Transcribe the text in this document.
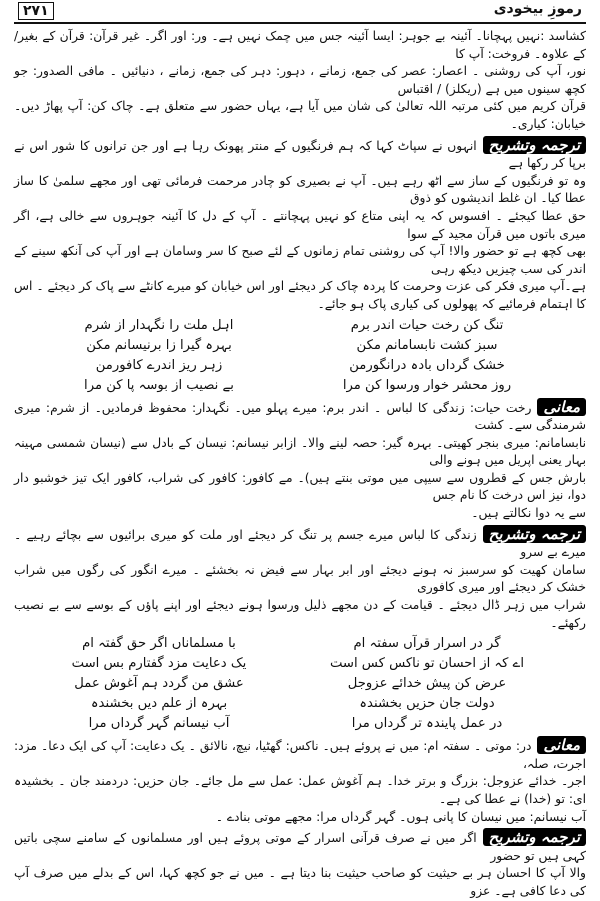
۲۷۱	رموزِ بیخودی

کشاسد :نہیں پہچانا۔ آئینہ بے جوہر: ایسا آئینہ جس میں چمک نہیں ہے۔ ور: اور اگر۔ غیر قرآن: قرآن کے بغیر/کے علاوہ۔ فروخت: آپ کا

نور، آپ کی روشنی ۔ اعصار: عصر کی جمع، زمانے ، دہور: دہر کی جمع، زمانے ، دنیائیں ۔ مافی الصدور: جو کچھ سینوں میں ہے (ریکلز) / اقتباس

قرآن کریم میں کئی مرتبہ اللہ تعالیٰ کی شان میں آیا ہے، یہاں حضور سے متعلق ہے۔ چاک کن: آپ پھاڑ دیں۔ خیابان: کیاری۔

ترجمہ وتشریحانہوں نے سپاٹ کہا کہ ہم فرنگیوں کے منتر پھونک رہا ہے اور جن ترانوں کا شور اس نے برپا کر رکھا ہے

وہ تو فرنگیوں کے ساز سے اٹھ رہے ہیں۔ آپ نے بصیری کو چادر مرحمت فرمائی تھی اور مجھے سلمیٰ کا ساز عطا کیا۔ ان غلط اندیشوں کو ذوق

حق عطا کیجئے ۔ افسوس کہ یہ اپنی متاع کو نہیں پہچانتے ۔ آپ کے دل کا آئینہ جوہروں سے خالی ہے، اگر میری باتوں میں قرآن مجید کے سوا

بھی کچھ ہے تو حضور والا! آپ کی روشنی تمام زمانوں کے لئے صبح کا سر وسامان ہے اور آپ کی آنکھ سینے کے اندر کی سب چیزیں دیکھ رہی

ہے۔آپ میری فکر کی عزت وحرمت کا پردہ چاک کر دیجئے اور اس خیابان کو میرے کانٹے سے پاک کر دیجئے ۔ اس کا اہتمام فرمائیے کہ پھولوں کی کیاری پاک ہو جائے۔

تنگ کن رخت حیات اندر برم
اہل ملت را نگہدار از شرم
سبز کشت نابسامانم مکن
بہرہ گیرا زا برنیسانم مکن
خشک گرداں بادہ درانگورمن
زہر ریز اندرے کافورمن
روز محشر خوار ورسوا کن مرا
بے نصیب از بوسہ پا کن مرا

معانیرخت حیات: زندگی کا لباس ۔ اندر برم: میرے پہلو میں۔ نگہدار: محفوظ فرمادیں۔ از شرم: میری شرمندگی سے۔ کشت

نابسامانم: میری بنجر کھیتی۔ بہرہ گیر: حصہ لینے والا۔ ازابر نیسانم: نیسان کے بادل سے (نیسان شمسی مہینہ بہار یعنی اپریل میں ہونے والی

بارش جس کے قطروں سے سیپی میں موتی بنتے ہیں)۔ مے کافور: کافور کی شراب، کافور ایک تیز خوشبو دار دوا، نیز اس درخت کا نام جس

سے یہ دوا نکالتے ہیں۔

ترجمہ وتشریحزندگی کا لباس میرے جسم پر تنگ کر دیجئے اور ملت کو میری برائیوں سے بچائے رہیے ۔ میرے بے سرو

سامان کھیت کو سرسبز نہ ہونے دیجئے اور ابر بہار سے فیض نہ بخشئے ۔ میرے انگور کی رگوں میں شراب خشک کر دیجئے اور میری کافوری

شراب میں زہر ڈال دیجئے ۔ قیامت کے دن مجھے ذلیل ورسوا ہونے دیجئے اور اپنے پاؤں کے بوسے سے بے نصیب رکھئے۔

گر در اسرار قرآں سفتہ ام
با مسلماناں اگر حق گفتہ ام
اے کہ از احسان تو ناکس کس است
یک دعایت مزد گفتارم بس است
عرض کن پیش خدائے عزوجل
عشق من گردد ہم آغوش عمل
دولت جان حزیں بخشندہ
بہرہ از علم دیں بخشندہ
در عمل پایندہ تر گرداں مرا
آب نیسانم گہر گرداں مرا

معانیدر: موتی ۔ سفتہ ام: میں نے پروئے ہیں۔ ناکس: گھٹیا، نیچ، نالائق ۔ یک دعایت: آپ کی ایک دعا۔ مزد: اجرت، صلہ،

اجر۔ خدائے عزوجل: بزرگ و برتر خدا۔ ہم آغوش عمل: عمل سے مل جائے۔ جان حزیں: دردمند جان ۔ بخشیدہ ای: تو (خدا) نے عطا کی ہے۔

آب نیسانم: میں نیسان کا پانی ہوں۔ گہر گرداں مرا: مجھے موتی بنادے ۔

ترجمہ وتشریحاگر میں نے صرف قرآنی اسرار کے موتی پروئے ہیں اور مسلمانوں کے سامنے سچی باتیں کہی ہیں تو حضور

والا آپ کا احسان ہر بے حیثیت کو صاحب حیثیت بنا دیتا ہے ۔ میں نے جو کچھ کہا، اس کے بدلے میں صرف آپ کی دعا کافی ہے۔ عزو
